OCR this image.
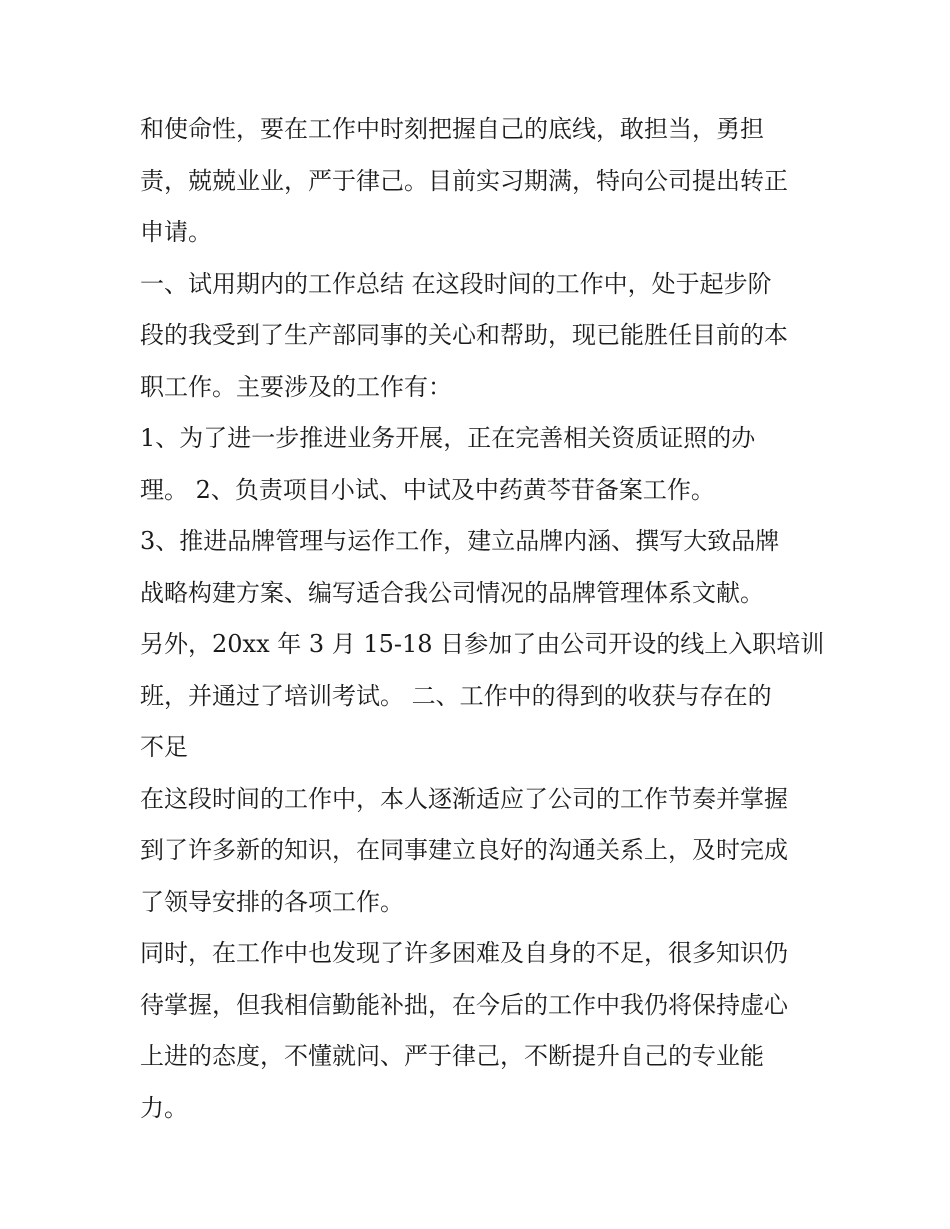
和使命性，要在工作中时刻把握自己的底线，敢担当，勇担
责，兢兢业业，严于律己。目前实习期满，特向公司提出转正
申请。
一、试用期内的工作总结 在这段时间的工作中，处于起步阶
段的我受到了生产部同事的关心和帮助，现已能胜任目前的本
职工作。主要涉及的工作有：
1、为了进一步推进业务开展，正在完善相关资质证照的办
理。 2、负责项目小试、中试及中药黄芩苷备案工作。
3、推进品牌管理与运作工作，建立品牌内涵、撰写大致品牌
战略构建方案、编写适合我公司情况的品牌管理体系文献。
另外，20xx 年 3 月 15-18 日参加了由公司开设的线上入职培训
班，并通过了培训考试。 二、工作中的得到的收获与存在的
不足
在这段时间的工作中，本人逐渐适应了公司的工作节奏并掌握
到了许多新的知识，在同事建立良好的沟通关系上，及时完成
了领导安排的各项工作。
同时，在工作中也发现了许多困难及自身的不足，很多知识仍
待掌握，但我相信勤能补拙，在今后的工作中我仍将保持虚心
上进的态度，不懂就问、严于律己，不断提升自己的专业能
力。
